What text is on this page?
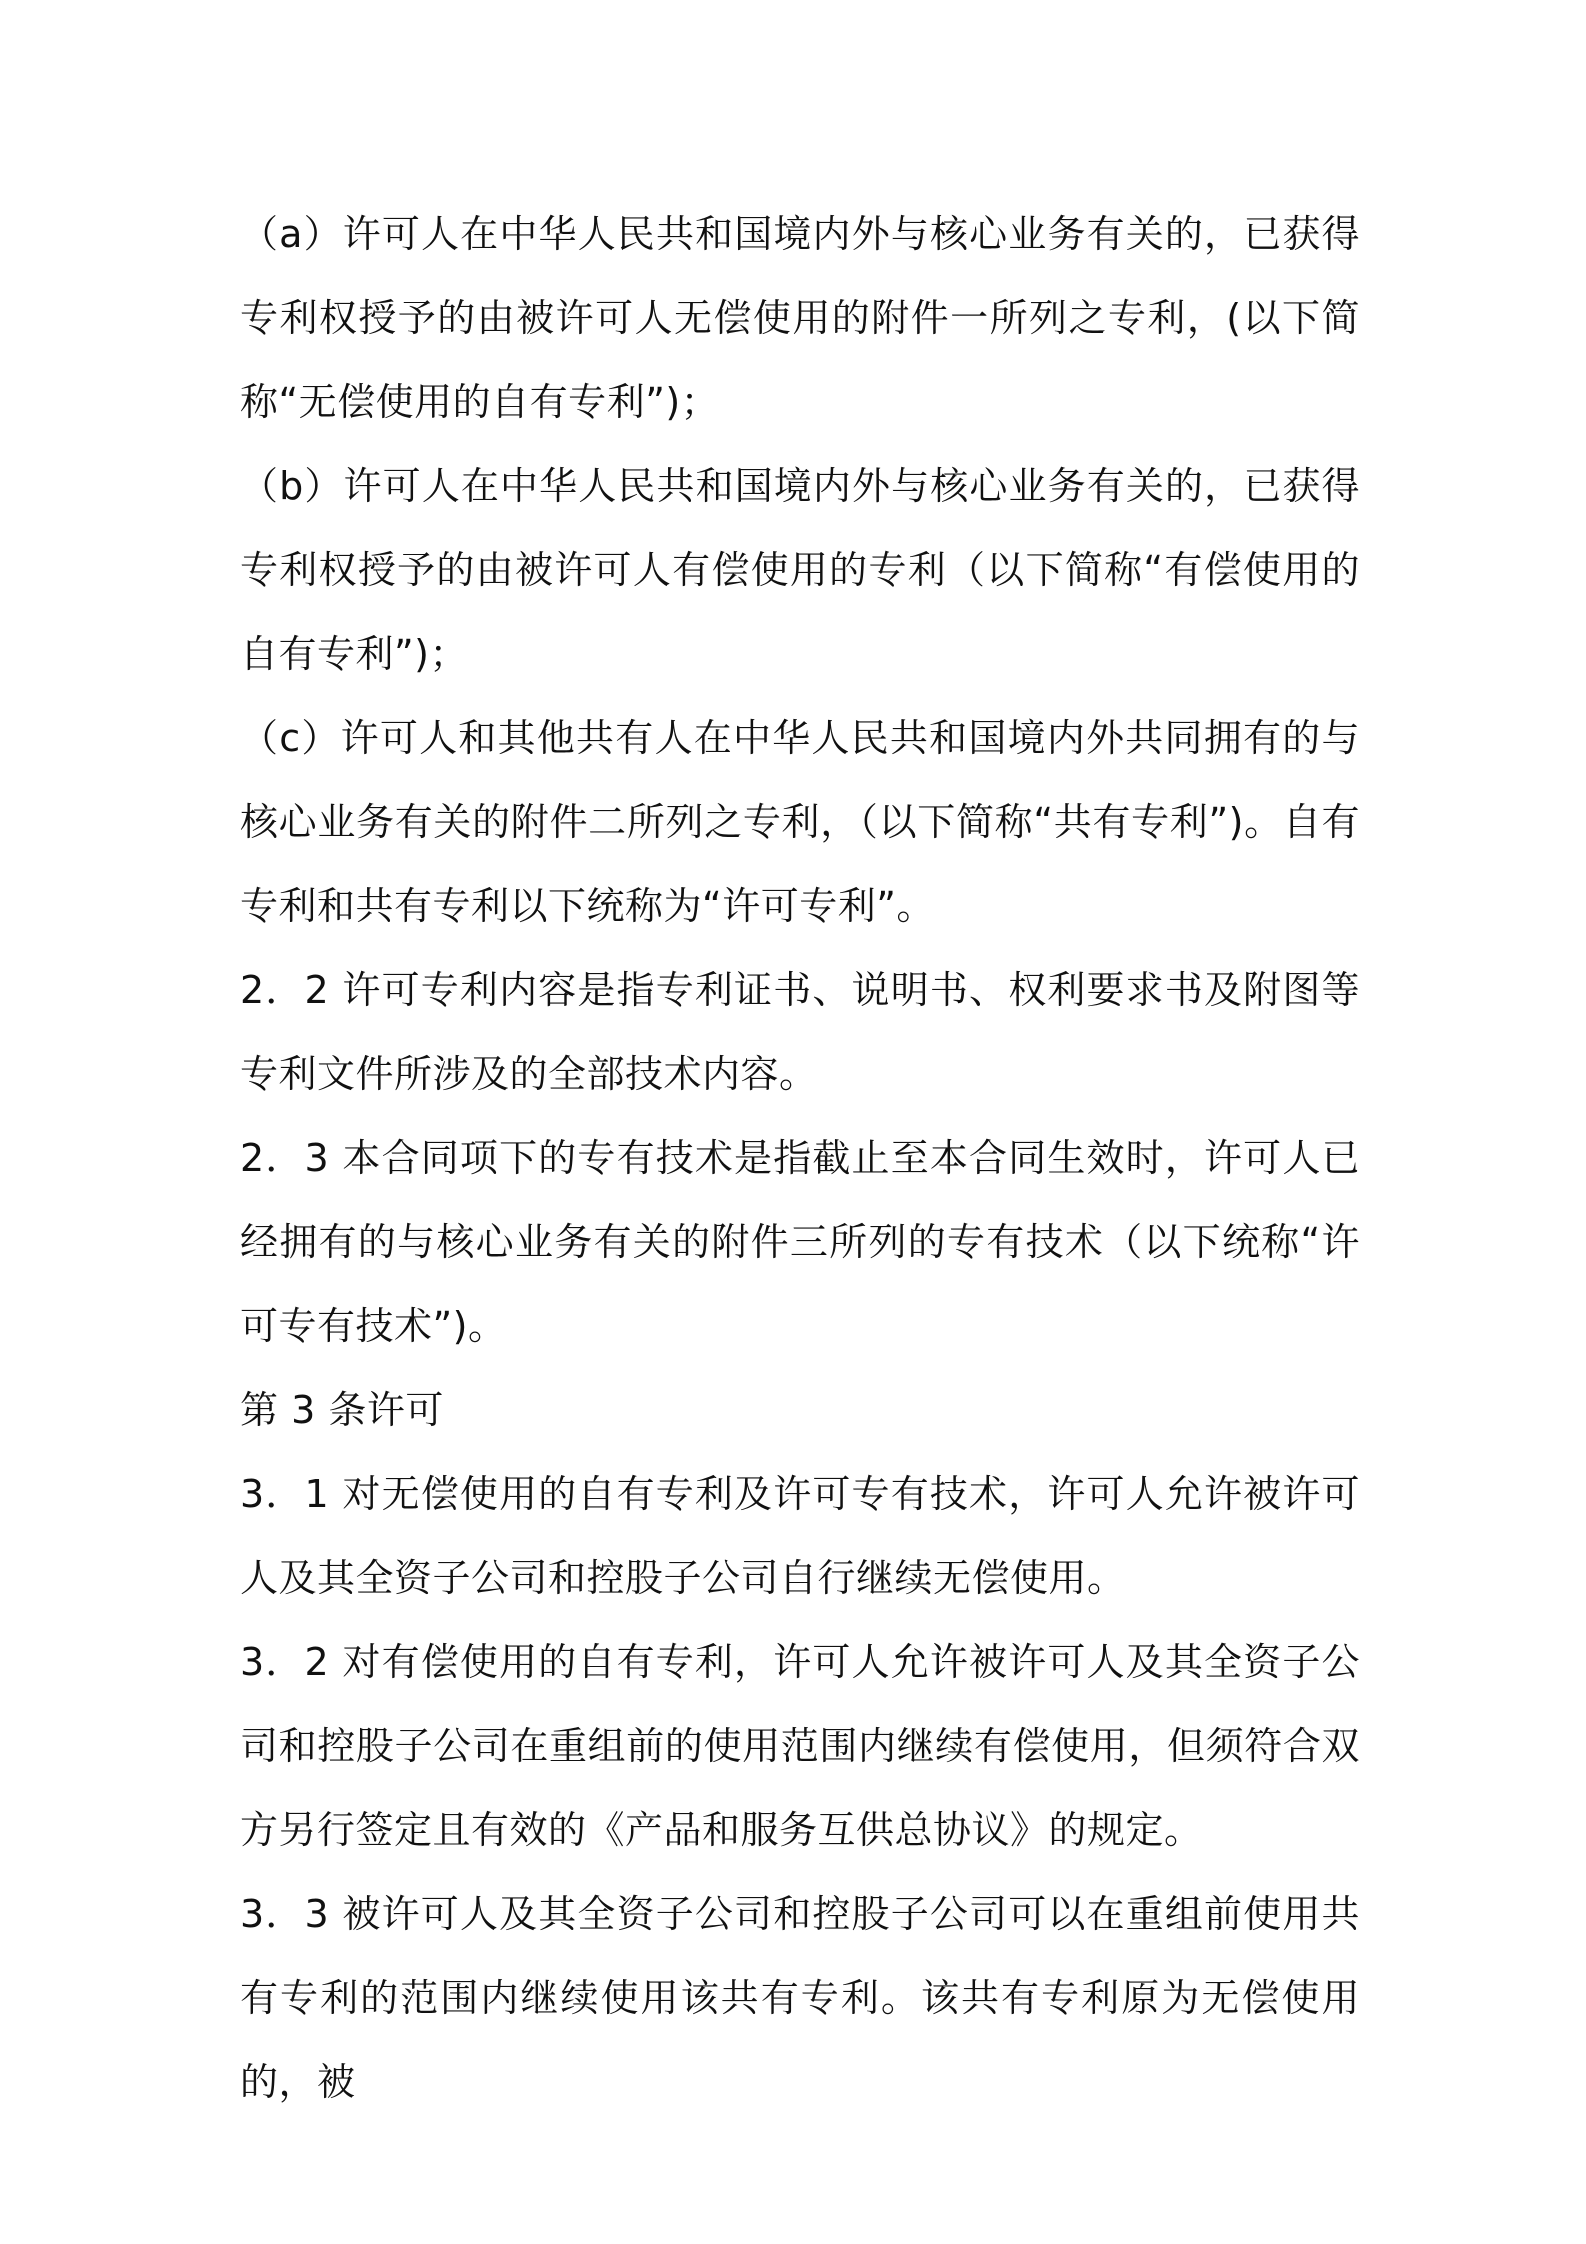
（a）许可人在中华人民共和国境内外与核心业务有关的，已获得专利权授予的由被许可人无偿使用的附件一所列之专利，(以下简称“无偿使用的自有专利”)；

（b）许可人在中华人民共和国境内外与核心业务有关的，已获得专利权授予的由被许可人有偿使用的专利（以下简称“有偿使用的自有专利”)；

（c）许可人和其他共有人在中华人民共和国境内外共同拥有的与核心业务有关的附件二所列之专利，（以下简称“共有专利”)。自有专利和共有专利以下统称为“许可专利”。

2．2 许可专利内容是指专利证书、说明书、权利要求书及附图等专利文件所涉及的全部技术内容。

2．3 本合同项下的专有技术是指截止至本合同生效时，许可人已经拥有的与核心业务有关的附件三所列的专有技术（以下统称“许可专有技术”)。

第 3 条许可

3．1 对无偿使用的自有专利及许可专有技术，许可人允许被许可人及其全资子公司和控股子公司自行继续无偿使用。

3．2 对有偿使用的自有专利，许可人允许被许可人及其全资子公司和控股子公司在重组前的使用范围内继续有偿使用，但须符合双方另行签定且有效的《产品和服务互供总协议》的规定。

3．3 被许可人及其全资子公司和控股子公司可以在重组前使用共有专利的范围内继续使用该共有专利。该共有专利原为无偿使用的，被
